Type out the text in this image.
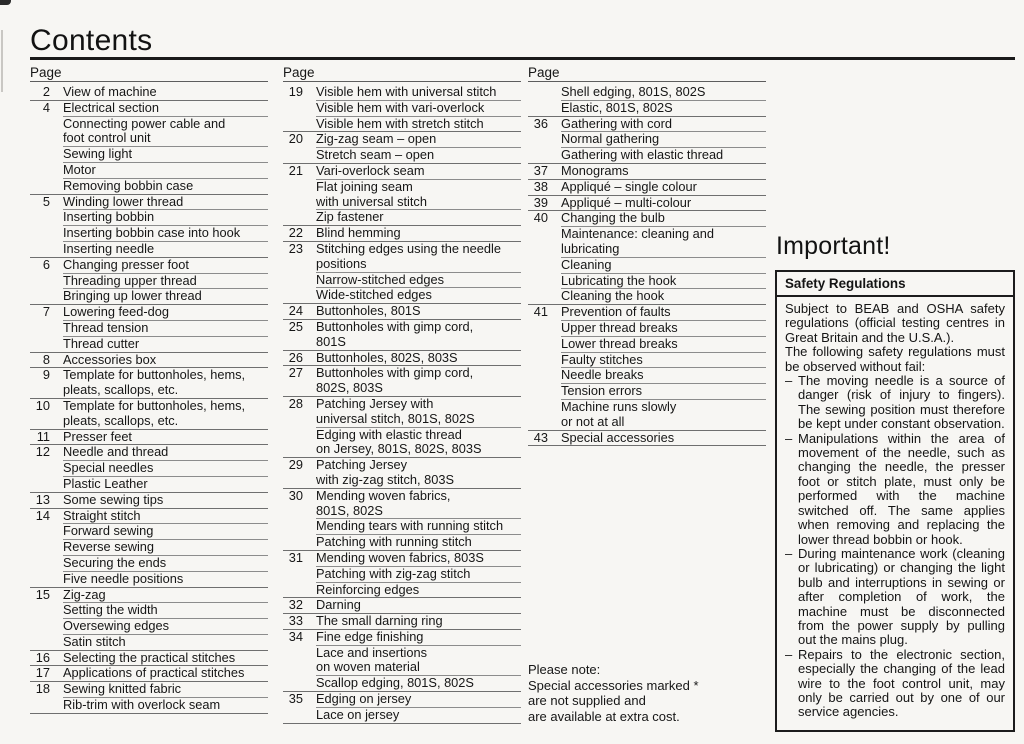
Contents
Page
2 View of machine
4 Electrical section
Connecting power cable and
foot control unit
Sewing light
Motor
Removing bobbin case
5 Winding lower thread
Inserting bobbin
Inserting bobbin case into hook
Inserting needle
6 Changing presser foot
Threading upper thread
Bringing up lower thread
7 Lowering feed-dog
Thread tension
Thread cutter
8 Accessories box
9 Template for buttonholes, hems,
pleats, scallops, etc.
10 Template for buttonholes, hems,
pleats, scallops, etc.
11 Presser feet
12 Needle and thread
Special needles
Plastic Leather
13 Some sewing tips
14 Straight stitch
Forward sewing
Reverse sewing
Securing the ends
Five needle positions
15 Zig-zag
Setting the width
Oversewing edges
Satin stitch
16 Selecting the practical stitches
17 Applications of practical stitches
18 Sewing knitted fabric
Rib-trim with overlock seam
Page
19 Visible hem with universal stitch
Visible hem with vari-overlock
Visible hem with stretch stitch
20 Zig-zag seam – open
Stretch seam – open
21 Vari-overlock seam
Flat joining seam
with universal stitch
Zip fastener
22 Blind hemming
23 Stitching edges using the needle
positions
Narrow-stitched edges
Wide-stitched edges
24 Buttonholes, 801S
25 Buttonholes with gimp cord,
801S
26 Buttonholes, 802S, 803S
27 Buttonholes with gimp cord,
802S, 803S
28 Patching Jersey with
universal stitch, 801S, 802S
Edging with elastic thread
on Jersey, 801S, 802S, 803S
29 Patching Jersey
with zig-zag stitch, 803S
30 Mending woven fabrics,
801S, 802S
Mending tears with running stitch
Patching with running stitch
31 Mending woven fabrics, 803S
Patching with zig-zag stitch
Reinforcing edges
32 Darning
33 The small darning ring
34 Fine edge finishing
Lace and insertions
on woven material
Scallop edging, 801S, 802S
35 Edging on jersey
Lace on jersey
Page
Shell edging, 801S, 802S
Elastic, 801S, 802S
36 Gathering with cord
Normal gathering
Gathering with elastic thread
37 Monograms
38 Appliqué – single colour
39 Appliqué – multi-colour
40 Changing the bulb
Maintenance: cleaning and
lubricating
Cleaning
Lubricating the hook
Cleaning the hook
41 Prevention of faults
Upper thread breaks
Lower thread breaks
Faulty stitches
Needle breaks
Tension errors
Machine runs slowly
or not at all
43 Special accessories
Please note:
Special accessories marked *
are not supplied and
are available at extra cost.
Important!
Safety Regulations
Subject to BEAB and OSHA safety regulations (official testing centres in Great Britain and the U.S.A.).
The following safety regulations must be observed without fail:
– The moving needle is a source of danger (risk of injury to fingers). The sewing position must therefore be kept under constant observation.
– Manipulations within the area of movement of the needle, such as changing the needle, the presser foot or stitch plate, must only be performed with the machine switched off. The same applies when removing and replacing the lower thread bobbin or hook.
– During maintenance work (cleaning or lubricating) or changing the light bulb and interruptions in sewing or after completion of work, the machine must be disconnected from the power supply by pulling out the mains plug.
– Repairs to the electronic section, especially the changing of the lead wire to the foot control unit, may only be carried out by one of our service agencies.
